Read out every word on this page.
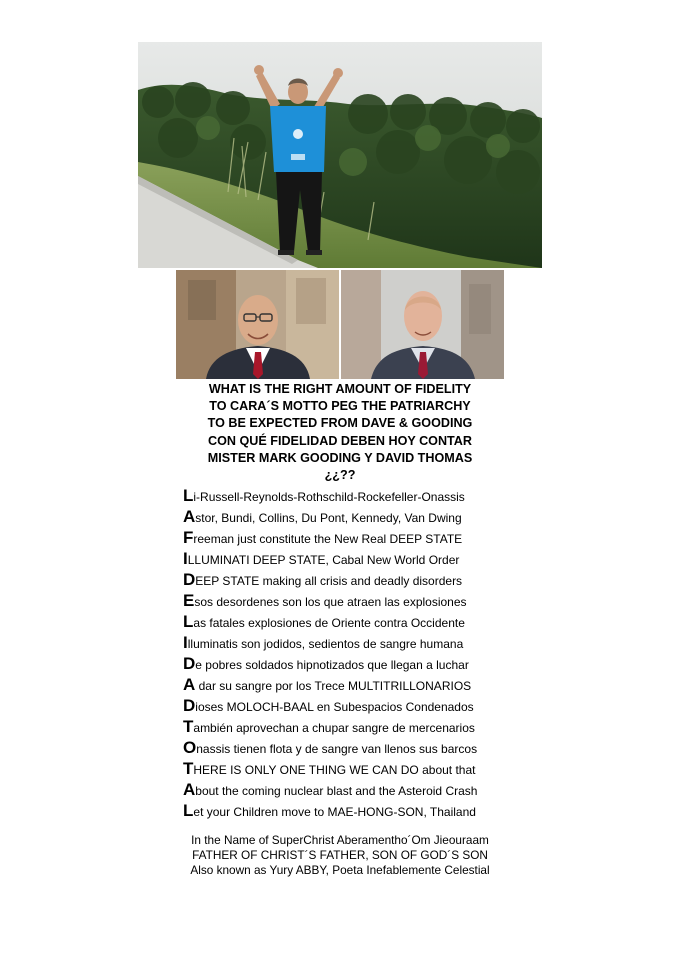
WHAT IS THE RIGHT AMOUNT OF FIDELITY
TO CARA´S MOTTO PEG THE PATRIARCHY
TO BE EXPECTED FROM DAVE & GOODING
CON QUÉ FIDELIDAD DEBEN HOY CONTAR
MISTER MARK GOODING Y DAVID THOMAS
¿¿??
Li-Russell-Reynolds-Rothschild-Rockefeller-Onassis
Astor, Bundi, Collins, Du Pont, Kennedy, Van Dwing
Freeman just constitute the New Real DEEP STATE
ILLUMINATI DEEP STATE, Cabal New World Order
DEEP STATE making all crisis and deadly disorders
Esos desordenes son los que atraen las explosiones
Las fatales explosiones de Oriente contra Occidente
Illuminatis son jodidos, sedientos de sangre humana
De pobres soldados hipnotizados que llegan a luchar
A dar su sangre por los Trece MULTITRILLONARIOS
Dioses MOLOCH-BAAL en Subespacios Condenados
También aprovechan a chupar sangre de mercenarios
Onassis tienen flota y de sangre van llenos sus barcos
THERE IS ONLY ONE THING WE CAN DO about that
About the coming nuclear blast and the Asteroid Crash
Let your Children move to MAE-HONG-SON, Thailand
In the Name of SuperChrist Aberamentho´Om Jieouraam
FATHER OF CHRIST´S FATHER, SON OF GOD´S SON
Also known as Yury ABBY, Poeta Inefablemente Celestial
